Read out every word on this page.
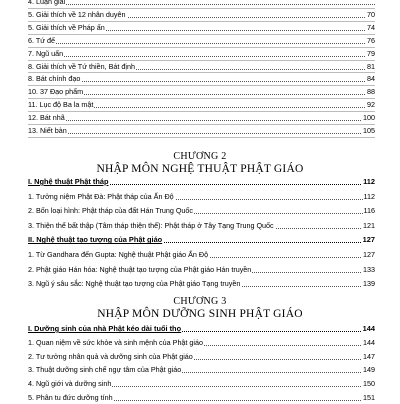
4. Luận giải
5. Giải thích về 12 nhân duyên	70
5. Giải thích về Pháp ấn	74
6. Tứ đế	76
7. Ngũ uẩn	79
8. Giải thích về Tứ thiền, Bát định	81
8. Bát chính đạo	84
10. 37 Đạo phẩm	88
11. Lục độ Ba la mật	92
12. Bát nhã	100
13. Niết bàn	105
CHƯƠNG 2
NHẬP MÔN NGHỆ THUẬT PHẬT GIÁO
I. Nghệ thuật Phật tháp	112
1. Tưởng niệm Phật Đà: Phật tháp của Ấn Độ	112
2. Bốn loại hình: Phật tháp của đất Hán Trung Quốc	116
3. Thiện thể bất thập (Tâm tháp thiện thể): Phật tháp ở Tây Tạng Trung Quốc	121
II. Nghệ thuật tạo tượng của Phật giáo	127
1. Từ Gandhara đến Gupta: Nghệ thuật Phật giáo Ấn Độ	127
2. Phật giáo Hán hóa: Nghệ thuật tạo tượng của Phật giáo Hán truyền	133
3. Ngũ ý sâu sắc: Nghệ thuật tạo tượng của Phật giáo Tạng truyền	139
CHƯƠNG 3
NHẬP MÔN DƯỠNG SINH PHẬT GIÁO
I. Dưỡng sinh của nhà Phật kéo dài tuổi thọ	144
1. Quan niệm về sức khỏe và sinh mệnh của Phật giáo	144
2. Tư tưởng nhân quả và dưỡng sinh của Phật giáo	147
3. Thuật dưỡng sinh chế ngự tâm của Phật giáo	149
4. Ngũ giới và dưỡng sinh	150
5. Phân tu đức dưỡng tính	151
